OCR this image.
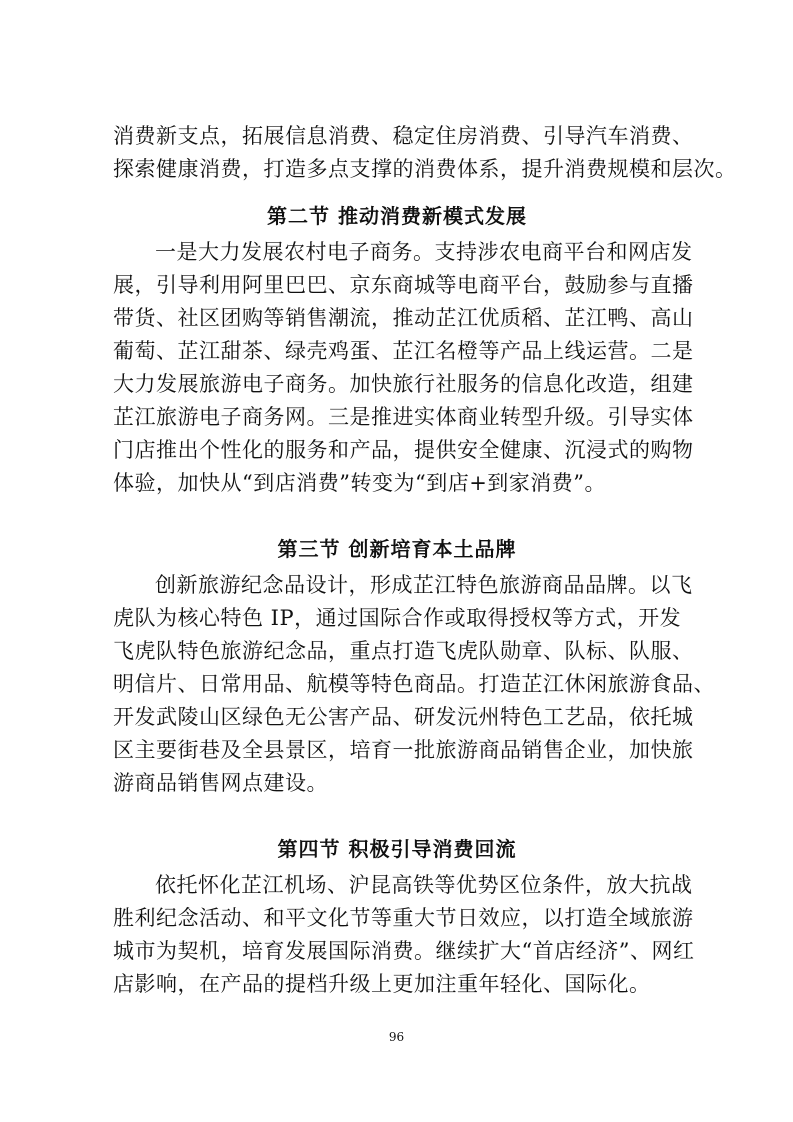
消费新支点，拓展信息消费、稳定住房消费、引导汽车消费、
探索健康消费，打造多点支撑的消费体系，提升消费规模和层次。
第二节 推动消费新模式发展
一是大力发展农村电子商务。支持涉农电商平台和网店发
展，引导利用阿里巴巴、京东商城等电商平台，鼓励参与直播
带货、社区团购等销售潮流，推动芷江优质稻、芷江鸭、高山
葡萄、芷江甜茶、绿壳鸡蛋、芷江名橙等产品上线运营。二是
大力发展旅游电子商务。加快旅行社服务的信息化改造，组建
芷江旅游电子商务网。三是推进实体商业转型升级。引导实体
门店推出个性化的服务和产品，提供安全健康、沉浸式的购物
体验，加快从“到店消费”转变为“到店+到家消费”。
第三节 创新培育本土品牌
创新旅游纪念品设计，形成芷江特色旅游商品品牌。以飞
虎队为核心特色 IP，通过国际合作或取得授权等方式，开发
飞虎队特色旅游纪念品，重点打造飞虎队勋章、队标、队服、
明信片、日常用品、航模等特色商品。打造芷江休闲旅游食品、
开发武陵山区绿色无公害产品、研发沅州特色工艺品，依托城
区主要街巷及全县景区，培育一批旅游商品销售企业，加快旅
游商品销售网点建设。
第四节 积极引导消费回流
依托怀化芷江机场、沪昆高铁等优势区位条件，放大抗战
胜利纪念活动、和平文化节等重大节日效应，以打造全域旅游
城市为契机，培育发展国际消费。继续扩大“首店经济”、网红
店影响，在产品的提档升级上更加注重年轻化、国际化。
96
